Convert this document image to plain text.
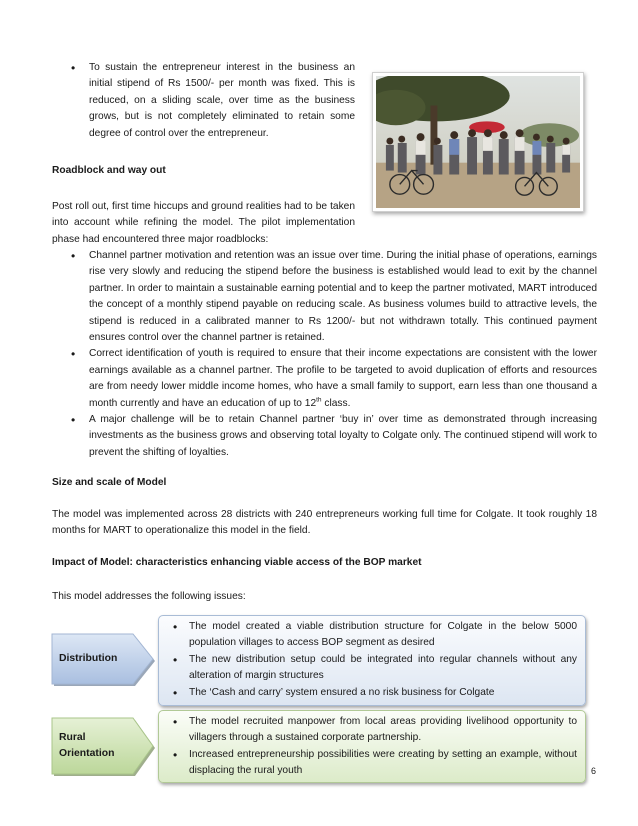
• To sustain the entrepreneur interest in the business an initial stipend of Rs 1500/- per month was fixed. This is reduced, on a sliding scale, over time as the business grows, but is not completely eliminated to retain some degree of control over the entrepreneur.
Roadblock and way out

Post roll out, first time hiccups and ground realities had to be taken into account while refining the model. The pilot implementation phase had encountered three major roadblocks:

• Channel partner motivation and retention was an issue over time. During the initial phase of operations, earnings rise very slowly and reducing the stipend before the business is established would lead to exit by the channel partner. In order to maintain a sustainable earning potential and to keep the partner motivated, MART introduced the concept of a monthly stipend payable on reducing scale. As business volumes build to attractive levels, the stipend is reduced in a calibrated manner to Rs 1200/- but not withdrawn totally. This continued payment ensures control over the channel partner is retained.
• Correct identification of youth is required to ensure that their income expectations are consistent with the lower earnings available as a channel partner. The profile to be targeted to avoid duplication of efforts and resources are from needy lower middle income homes, who have a small family to support, earn less than one thousand a month currently and have an education of up to 12th class.
• A major challenge will be to retain Channel partner ‘buy in’ over time as demonstrated through increasing investments as the business grows and observing total loyalty to Colgate only. The continued stipend will work to prevent the shifting of loyalties.
Size and scale of Model

The model was implemented across 28 districts with 240 entrepreneurs working full time for Colgate. It took roughly 18 months for MART to operationalize this model in the field.

Impact of Model: characteristics enhancing viable access of the BOP market

This model addresses the following issues:

Distribution
• The model created a viable distribution structure for Colgate in the below 5000 population villages to access BOP segment as desired
• The new distribution setup could be integrated into regular channels without any alteration of margin structures
• The ‘Cash and carry’ system ensured a no risk business for Colgate
Rural
Orientation
• The model recruited manpower from local areas providing livelihood opportunity to villagers through a sustained corporate partnership.
• Increased entrepreneurship possibilities were creating by setting an example, without displacing the rural youth	6
